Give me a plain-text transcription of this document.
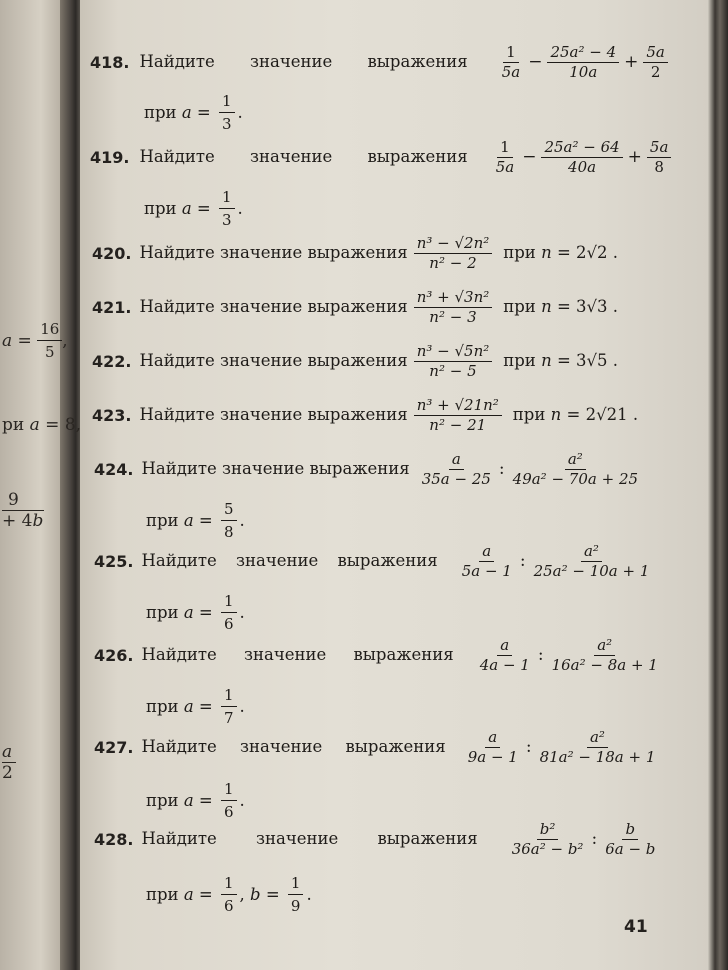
$a = \frac{16}{5}$ ,
ри a = 8,
9
+ 4b
a
2
418. Найдите значение выражения $\frac{1}{5a} - \frac{\text{25a² − 4}}{10a} + \frac{5a}{2}$
при $a = \frac{1}{3}$ .
419. Найдите значение выражения $\frac{1}{5a} - \frac{\text{25a² − 64}}{40a} + \frac{5a}{8}$
при $a = \frac{1}{3}$ .
420. Найдите значение выражения $\frac{\text{n³ − √2n²}}{\text{n² − 2}}$ при n = 2√2 .
421. Найдите значение выражения $\frac{\text{n³ + √3n²}}{\text{n² − 3}}$ при n = 3√3 .
422. Найдите значение выражения $\frac{\text{n³ − √5n²}}{\text{n² − 5}}$ при n = 3√5 .
423. Найдите значение выражения $\frac{\text{n³ + √21n²}}{\text{n² − 21}}$ при n = 2√21 .
424. Найдите значение выражения $\frac{a}{35a - 25}$ : $\frac{\text{a²}}{\text{49a² − 70a + 25}}$
при $a = \frac{5}{8}$ .
425. Найдите значение выражения $\frac{a}{5a - 1}$ : $\frac{\text{a²}}{\text{25a² − 10a + 1}}$
при $a = \frac{1}{6}$ .
426. Найдите значение выражения $\frac{a}{4a - 1}$ : $\frac{\text{a²}}{\text{16a² − 8a + 1}}$
при $a = \frac{1}{7}$ .
427. Найдите значение выражения $\frac{a}{9a - 1}$ : $\frac{\text{a²}}{\text{81a² − 18a + 1}}$
при $a = \frac{1}{6}$ .
428. Найдите значение выражения $\frac{\text{b²}}{\text{36a² − b²}}$ : $\frac{b}{6a - b}$
при $a = \frac{1}{6}$ , $b = \frac{1}{9}$ .
41
